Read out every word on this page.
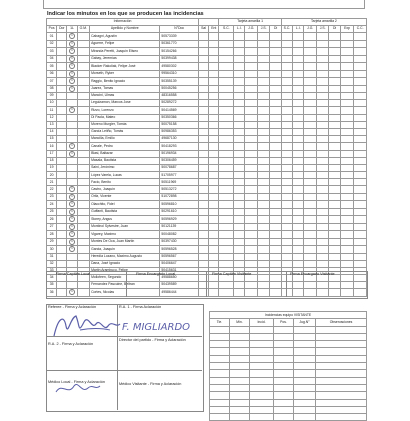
Indicar los minutos en los que se producen las incidencias
Información								Tarjeta amarilla 1					Tarjeta amarilla 2						
Pos	Dor	1L	O.M.	Apellido y Nombre	N°Doc	Sal	Ent	S.C.	L.I.	J.G.	J.S.	Di	S.C.	L.I.	J.G.	J.S.	Di	Exp	C.C.
01		1		Cabagni, Agustín	50573339														
02		1		Aguerre, Felipe	50361770														
03		1		Miranda Peretti, Joaquin Eliseo	50154266														
04		1		Gabay, Jeremías	50399438														
05		1		Blacker Rakoliak, Felipe José	49580302														
06		1		Morseth, Ryker	99564310														
07		1		Raggio, Benito Ignacio	50355139														
08		1		Juarez, Tomas	50045256														
09				Mancini, Ulmas	48316558														
10				Leguizamon, Marcos Jose	50289272														
11		1		Rizzo, Lorenzo	50414569														
12				Di Paola, Mateo	50350366														
13				Moreno Murgier, Tomás	50075158														
14				García Leitño, Tomás	50986353														
15				Mancilla, Emilio	49687130														
16		1		Canale, Pedro	50418293														
17		1		Blasi, Baltazar	50196934														
18				Masala, Bautista	50306459														
19				Saini, Jerónimo	50078687														
20				López Varela, Lucas	51705977														
21				Facio, Benito	50511969														
22		1		Castro, Joaquín	50513272														
23		1		Ortiz, Vicente	51072898														
24		1		Olacchito, Fidel	50596810														
25		1		Guffanti, Bautista	50291610														
26		1		Storey, Angus	50596929														
27		1		Montinol Sylvestre, Juan	50121139														
28		1		Vigarey, Maximo	50048082														
29		1		Montes De Oca, Juan Martin	50397430														
30		1		Garcia, Joaquin	50596528														
31				Heredia Lozano, Maximo Augusto	50596567														
32				Dana, José Ignacio	50406647														
33				Martin Arambucu, Felipe	50415631														
34				Mollofeen, Segundo	49588650														
35				Fernandez Pascuine, Beltran	50439589														
36		1		Cortes, Nicolas	49586444														
Firma Capitán Local	Firma Encargado Local	Firma Capitán Visitante	Firma Encargado Visitante
Referee - Firma y Aclaración	R.A. 1 - Firma Aclaración
R.A. 2 - Firma y Aclaración
Director del partido - Firma y Aclaración
Médico Local - Firma y Aclaración	Médico Visitante - Firma y Aclaración
F. MIGLIARDO
Incidencias equipo VISITANTE					
Tie.	Min.	Incid.	Pos.	Jug.N°	Observaciones
